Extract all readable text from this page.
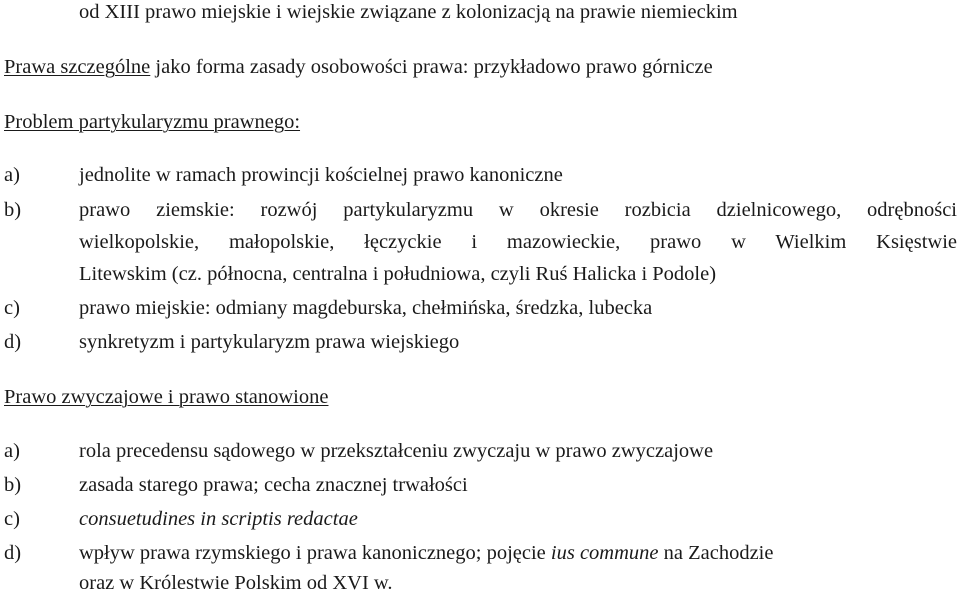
od XIII prawo miejskie i wiejskie związane z kolonizacją na prawie niemieckim
Prawa szczególne jako forma zasady osobowości prawa: przykładowo prawo górnicze
Problem partykularyzmu prawnego:
a)	jednolite w ramach prowincji kościelnej prawo kanoniczne
b)	prawo ziemskie: rozwój partykularyzmu w okresie rozbicia dzielnicowego, odrębności
wielkopolskie, małopolskie, łęczyckie i mazowieckie, prawo w Wielkim Księstwie
Litewskim (cz. północna, centralna i południowa, czyli Ruś Halicka i Podole)
c)	prawo miejskie: odmiany magdeburska, chełmińska, średzka, lubecka
d)	synkretyzm i partykularyzm prawa wiejskiego
Prawo zwyczajowe i prawo stanowione
a)	rola precedensu sądowego w przekształceniu zwyczaju w prawo zwyczajowe
b)	zasada starego prawa; cecha znacznej trwałości
c)	consuetudines in scriptis redactae
d)	wpływ prawa rzymskiego i prawa kanonicznego; pojęcie ius commune na Zachodzie
oraz w Królestwie Polskim od XVI w.
